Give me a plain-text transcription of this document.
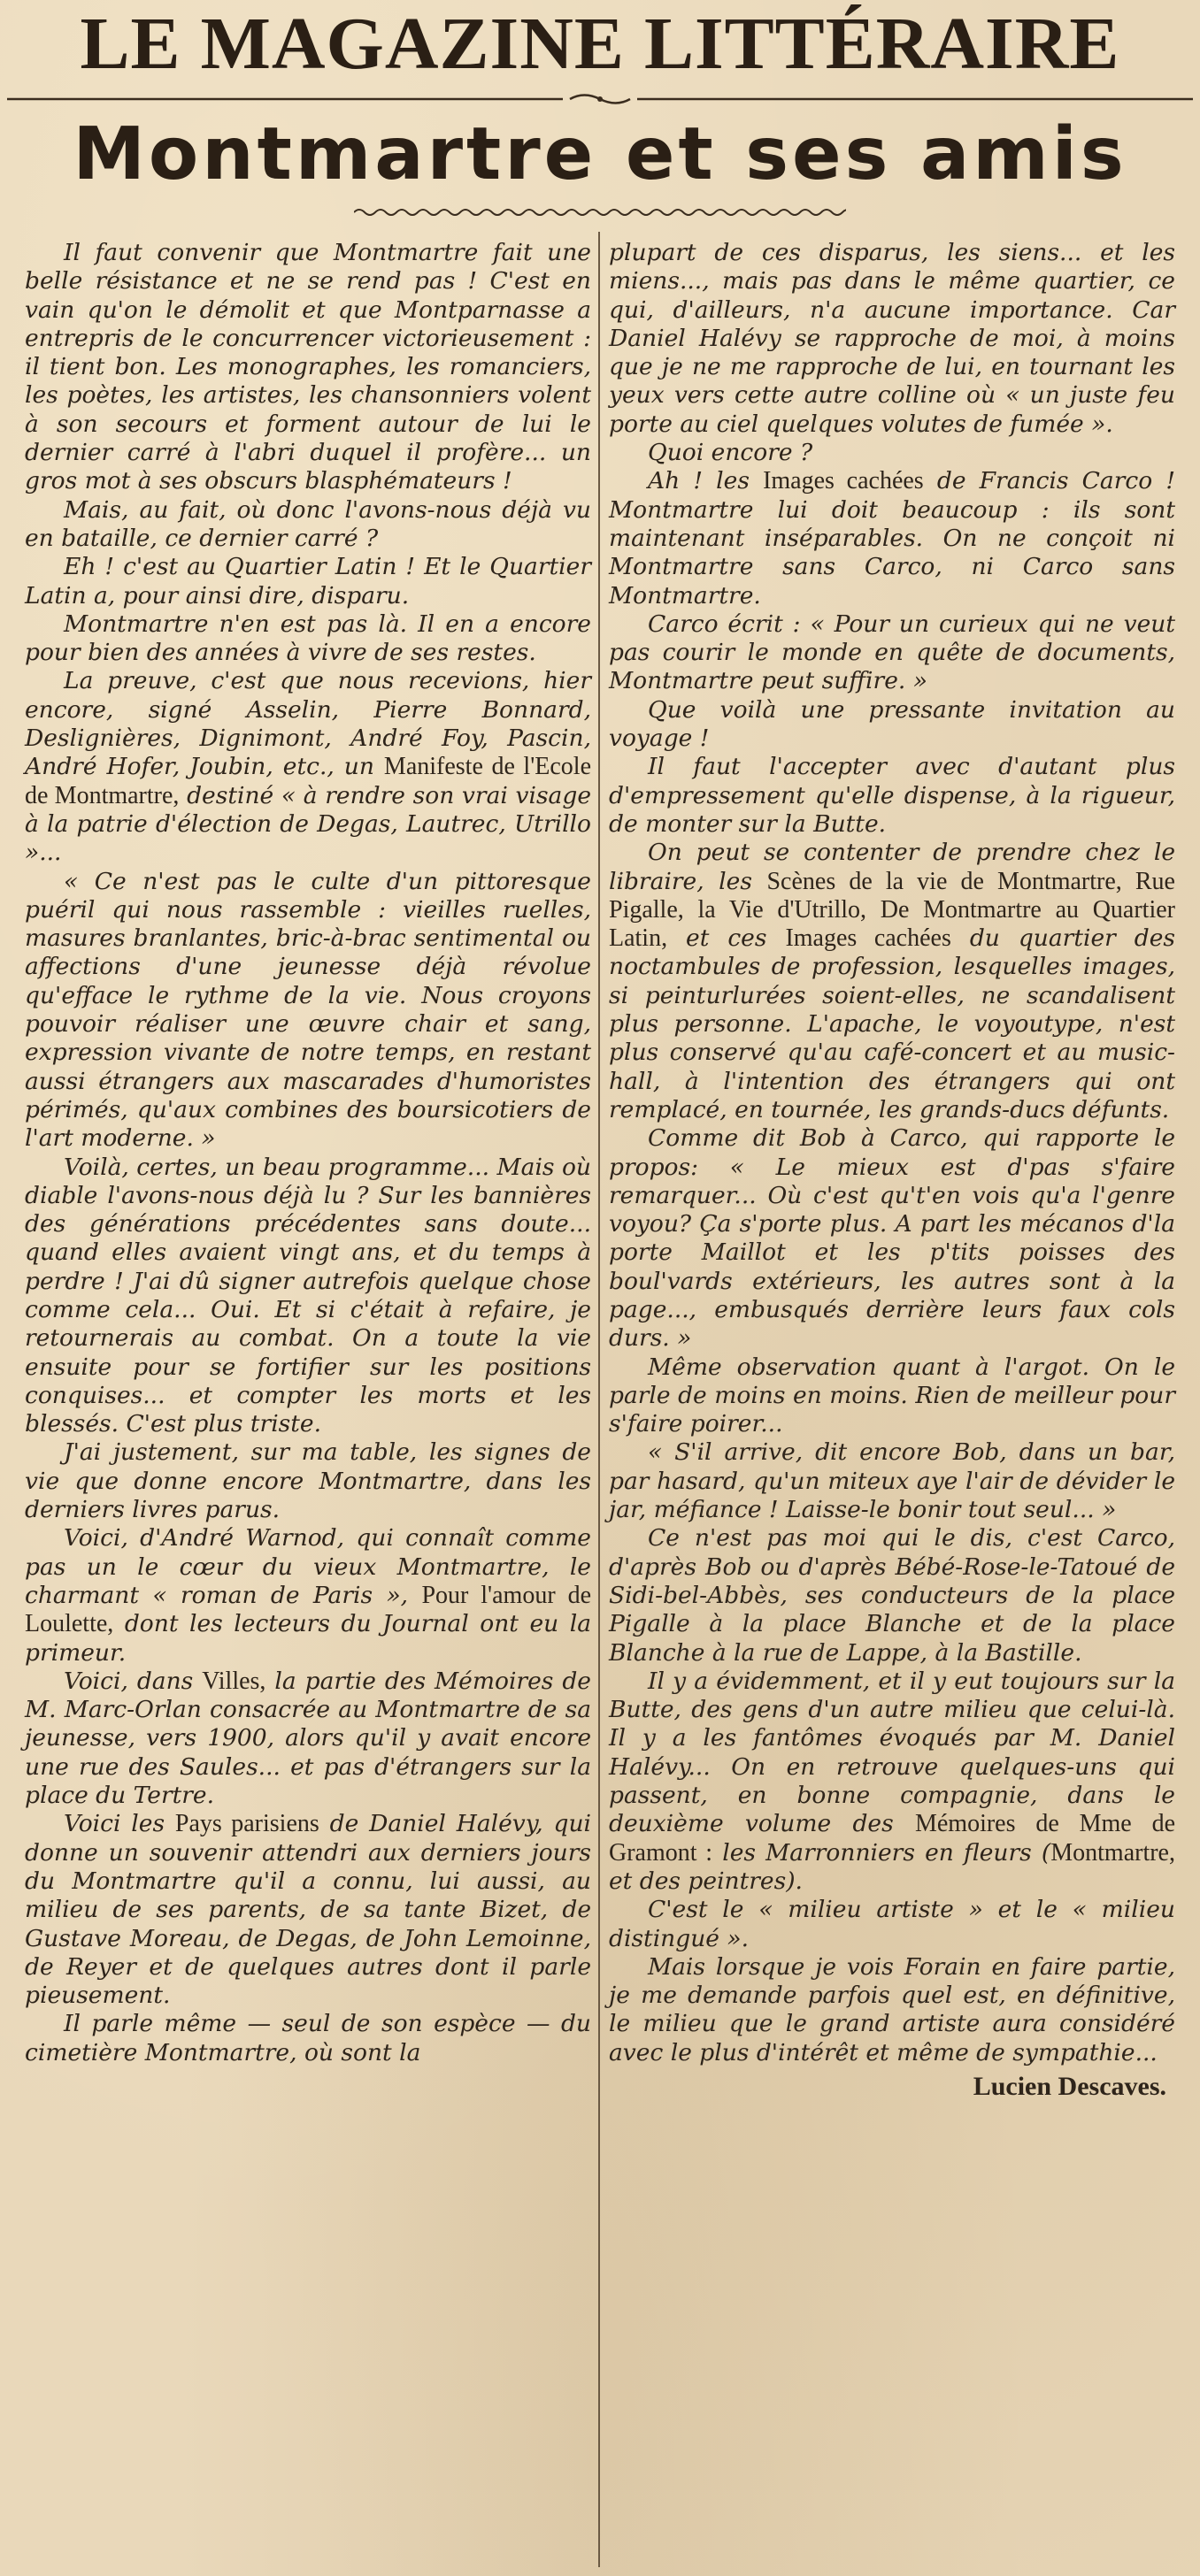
LE MAGAZINE LITTÉRAIRE
Montmartre et ses amis

Il faut convenir que Montmartre fait une belle résistance et ne se rend pas ! C'est en vain qu'on le démolit et que Montparnasse a entrepris de le concurrencer victorieusement : il tient bon. Les monographes, les romanciers, les poètes, les artistes, les chansonniers volent à son secours et forment autour de lui le dernier carré à l'abri duquel il profère... un gros mot à ses obscurs blasphémateurs !

Mais, au fait, où donc l'avons-nous déjà vu en bataille, ce dernier carré ?

Eh ! c'est au Quartier Latin ! Et le Quartier Latin a, pour ainsi dire, disparu.

Montmartre n'en est pas là. Il en a encore pour bien des années à vivre de ses restes.

La preuve, c'est que nous recevions, hier encore, signé Asselin, Pierre Bonnard, Deslignières, Dignimont, André Foy, Pascin, André Hofer, Joubin, etc., un Manifeste de l'Ecole de Montmartre, destiné « à rendre son vrai visage à la patrie d'élection de Degas, Lautrec, Utrillo »...

« Ce n'est pas le culte d'un pittoresque puéril qui nous rassemble : vieilles ruelles, masures branlantes, bric-à-brac sentimental ou affections d'une jeunesse déjà révolue qu'efface le rythme de la vie. Nous croyons pouvoir réaliser une œuvre chair et sang, expression vivante de notre temps, en restant aussi étrangers aux mascarades d'humoristes périmés, qu'aux combines des boursicotiers de l'art moderne. »

Voilà, certes, un beau programme... Mais où diable l'avons-nous déjà lu ? Sur les bannières des générations précédentes sans doute... quand elles avaient vingt ans, et du temps à perdre ! J'ai dû signer autrefois quelque chose comme cela... Oui. Et si c'était à refaire, je retournerais au combat. On a toute la vie ensuite pour se fortifier sur les positions conquises... et compter les morts et les blessés. C'est plus triste.

J'ai justement, sur ma table, les signes de vie que donne encore Montmartre, dans les derniers livres parus.

Voici, d'André Warnod, qui connaît comme pas un le cœur du vieux Montmartre, le charmant « roman de Paris », Pour l'amour de Loulette, dont les lecteurs du Journal ont eu la primeur.

Voici, dans Villes, la partie des Mémoires de M. Marc-Orlan consacrée au Montmartre de sa jeunesse, vers 1900, alors qu'il y avait encore une rue des Saules... et pas d'étrangers sur la place du Tertre.

Voici les Pays parisiens de Daniel Halévy, qui donne un souvenir attendri aux derniers jours du Montmartre qu'il a connu, lui aussi, au milieu de ses parents, de sa tante Bizet, de Gustave Moreau, de Degas, de John Lemoinne, de Reyer et de quelques autres dont il parle pieusement.

Il parle même — seul de son espèce — du cimetière Montmartre, où sont la

plupart de ces disparus, les siens... et les miens..., mais pas dans le même quartier, ce qui, d'ailleurs, n'a aucune importance. Car Daniel Halévy se rapproche de moi, à moins que je ne me rapproche de lui, en tournant les yeux vers cette autre colline où « un juste feu porte au ciel quelques volutes de fumée ».

Quoi encore ?

Ah ! les Images cachées de Francis Carco ! Montmartre lui doit beaucoup : ils sont maintenant inséparables. On ne conçoit ni Montmartre sans Carco, ni Carco sans Montmartre.

Carco écrit : « Pour un curieux qui ne veut pas courir le monde en quête de documents, Montmartre peut suffire. »

Que voilà une pressante invitation au voyage !

Il faut l'accepter avec d'autant plus d'empressement qu'elle dispense, à la rigueur, de monter sur la Butte.

On peut se contenter de prendre chez le libraire, les Scènes de la vie de Montmartre, Rue Pigalle, la Vie d'Utrillo, De Montmartre au Quartier Latin, et ces Images cachées du quartier des noctambules de profession, lesquelles images, si peinturlurées soient-elles, ne scandalisent plus personne. L'apache, le voyoutype, n'est plus conservé qu'au café-concert et au music-hall, à l'intention des étrangers qui ont remplacé, en tournée, les grands-ducs défunts.

Comme dit Bob à Carco, qui rapporte le propos: « Le mieux est d'pas s'faire remarquer... Où c'est qu't'en vois qu'a l'genre voyou? Ça s'porte plus. A part les mécanos d'la porte Maillot et les p'tits poisses des boul'vards extérieurs, les autres sont à la page..., embusqués derrière leurs faux cols durs. »

Même observation quant à l'argot. On le parle de moins en moins. Rien de meilleur pour s'faire poirer...

« S'il arrive, dit encore Bob, dans un bar, par hasard, qu'un miteux aye l'air de dévider le jar, méfiance ! Laisse-le bonir tout seul... »

Ce n'est pas moi qui le dis, c'est Carco, d'après Bob ou d'après Bébé-Rose-le-Tatoué de Sidi-bel-Abbès, ses conducteurs de la place Pigalle à la place Blanche et de la place Blanche à la rue de Lappe, à la Bastille.

Il y a évidemment, et il y eut toujours sur la Butte, des gens d'un autre milieu que celui-là. Il y a les fantômes évoqués par M. Daniel Halévy... On en retrouve quelques-uns qui passent, en bonne compagnie, dans le deuxième volume des Mémoires de Mme de Gramont : les Marronniers en fleurs (Montmartre, et des peintres).

C'est le « milieu artiste » et le « milieu distingué ».

Mais lorsque je vois Forain en faire partie, je me demande parfois quel est, en définitive, le milieu que le grand artiste aura considéré avec le plus d'intérêt et même de sympathie...

Lucien Descaves.
